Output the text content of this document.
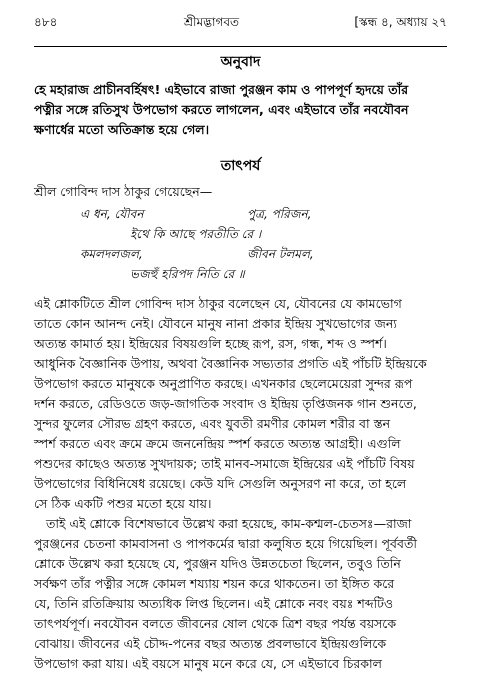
৪৮৪	শ্রীমদ্ভাগবত	[স্কন্ধ ৪, অধ্যায় ২৭
অনুবাদ
হে মহারাজ প্রাচীনবর্হিষৎ! এইভাবে রাজা পুরঞ্জন কাম ও পাপপূর্ণ হৃদয়ে তাঁর
পত্নীর সঙ্গে রতিসুখ উপভোগ করতে লাগলেন, এবং এইভাবে তাঁর নবযৌবন
ক্ষণার্ধের মতো অতিক্রান্ত হয়ে গেল।
তাৎপর্য
শ্রীল গোবিন্দ দাস ঠাকুর গেয়েছেন—
এ ধন, যৌবন	পুত্র, পরিজন,
ইথে কি আছে পরতীতি রে ।
কমলদলজল,	জীবন টলমল,
ভজহুঁ হরিপদ নিতি রে ॥

এই শ্লোকটিতে শ্রীল গোবিন্দ দাস ঠাকুর বলেছেন যে, যৌবনের যে কামভোগ
তাতে কোন আনন্দ নেই। যৌবনে মানুষ নানা প্রকার ইন্দ্রিয় সুখভোগের জন্য
অত্যন্ত কামার্ত হয়। ইন্দ্রিয়ের বিষয়গুলি হচ্ছে রূপ, রস, গন্ধ, শব্দ ও স্পর্শ।
আধুনিক বৈজ্ঞানিক উপায়, অথবা বৈজ্ঞানিক সভ্যতার প্রগতি এই পাঁচটি ইন্দ্রিয়কে
উপভোগ করতে মানুষকে অনুপ্রাণিত করছে। এখনকার ছেলেমেয়েরা সুন্দর রূপ
দর্শন করতে, রেডিওতে জড়-জাগতিক সংবাদ ও ইন্দ্রিয় তৃপ্তিজনক গান শুনতে,
সুন্দর ফুলের সৌরভ গ্রহণ করতে, এবং যুবতী রমণীর কোমল শরীর বা স্তন
স্পর্শ করতে এবং ক্রমে ক্রমে জননেন্দ্রিয় স্পর্শ করতে অত্যন্ত আগ্রহী। এগুলি
পশুদের কাছেও অত্যন্ত সুখদায়ক; তাই মানব-সমাজে ইন্দ্রিয়ের এই পাঁচটি বিষয়
উপভোগের বিধিনিষেধ রয়েছে। কেউ যদি সেগুলি অনুসরণ না করে, তা হলে
সে ঠিক একটি পশুর মতো হয়ে যায়।

তাই এই শ্লোকে বিশেষভাবে উল্লেখ করা হয়েছে, কাম-কশ্মল-চেতসঃ—রাজা
পুরঞ্জনের চেতনা কামবাসনা ও পাপকর্মের দ্বারা কলুষিত হয়ে গিয়েছিল। পূর্ববর্তী
শ্লোকে উল্লেখ করা হয়েছে যে, পুরঞ্জন যদিও উন্নতচেতা ছিলেন, তবুও তিনি
সর্বক্ষণ তাঁর পত্নীর সঙ্গে কোমল শয্যায় শয়ন করে থাকতেন। তা ইঙ্গিত করে
যে, তিনি রতিক্রিয়ায় অত্যধিক লিপ্ত ছিলেন। এই শ্লোকে নবং বয়ঃ শব্দটিও
তাৎপর্যপূর্ণ। নবযৌবন বলতে জীবনের ষোল থেকে ত্রিশ বছর পর্যন্ত বয়সকে
বোঝায়। জীবনের এই চৌদ্দ-পনের বছর অত্যন্ত প্রবলভাবে ইন্দ্রিয়গুলিকে
উপভোগ করা যায়। এই বয়সে মানুষ মনে করে যে, সে এইভাবে চিরকাল
